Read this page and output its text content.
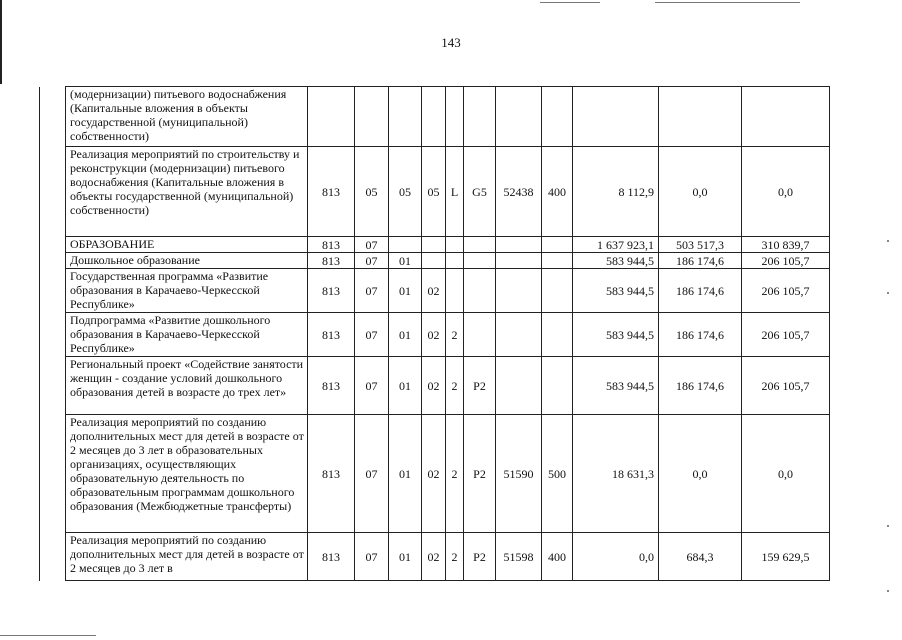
143
	(модернизации) питьевого водоснабжения (Капитальные вложения в объекты государственной (муниципальной) собственности)											
	Реализация мероприятий по строительству и реконструкции (модернизации) питьевого водоснабжения (Капитальные вложения в объекты государственной (муниципальной) собственности)	813	05	05	05	L	G5	52438	400	8 112,9	0,0	0,0
	ОБРАЗОВАНИЕ	813	07							1 637 923,1	503 517,3	310 839,7
	Дошкольное образование	813	07	01						583 944,5	186 174,6	206 105,7
	Государственная программа «Развитие образования в Карачаево-Черкесской Республике»	813	07	01	02					583 944,5	186 174,6	206 105,7
	Подпрограмма «Развитие дошкольного образования в Карачаево-Черкесской Республике»	813	07	01	02	2				583 944,5	186 174,6	206 105,7
	Региональный проект «Содействие занятости женщин - создание условий дошкольного образования детей в возрасте до трех лет»	813	07	01	02	2	P2			583 944,5	186 174,6	206 105,7
	Реализация мероприятий по созданию дополнительных мест для детей в возрасте от 2 месяцев до 3 лет в образовательных организациях, осуществляющих образовательную деятельность по образовательным программам дошкольного образования (Межбюджетные трансферты)	813	07	01	02	2	P2	51590	500	18 631,3	0,0	0,0
	Реализация мероприятий по созданию дополнительных мест для детей в возрасте от 2 месяцев до 3 лет в	813	07	01	02	2	P2	51598	400	0,0	684,3	159 629,5
